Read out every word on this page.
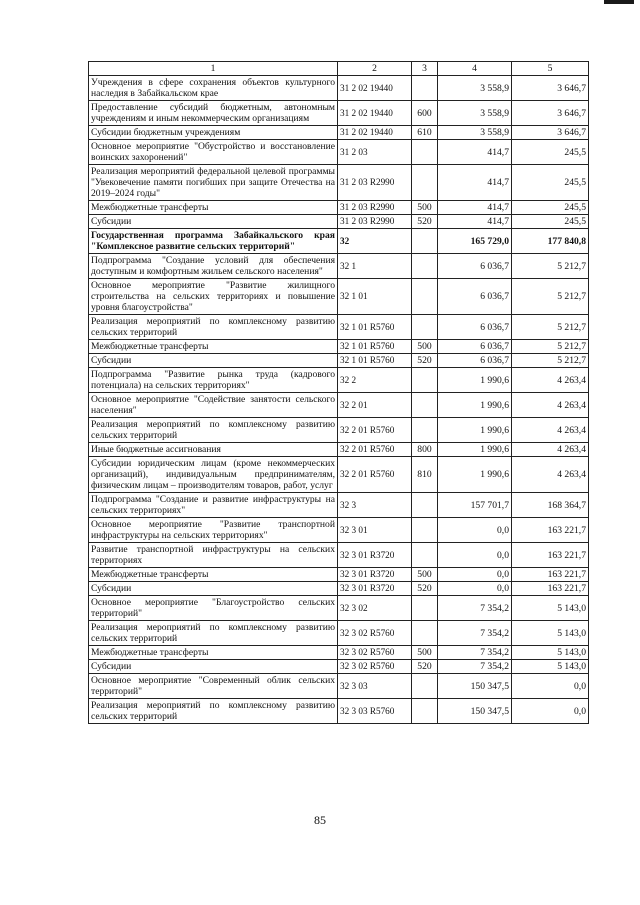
1	2	3	4	5
Учреждения в сфере сохранения объектов культурного наследия в Забайкальском крае	31 2 02 19440		3 558,9	3 646,7
Предоставление субсидий бюджетным, автономным учреждениям и иным некоммерческим организациям	31 2 02 19440	600	3 558,9	3 646,7
Субсидии бюджетным учреждениям	31 2 02 19440	610	3 558,9	3 646,7
Основное мероприятие "Обустройство и восстановление воинских захоронений"	31 2 03		414,7	245,5
Реализация мероприятий федеральной целевой программы "Увековечение памяти погибших при защите Отечества на 2019–2024 годы"	31 2 03 R2990		414,7	245,5
Межбюджетные трансферты	31 2 03 R2990	500	414,7	245,5
Субсидии	31 2 03 R2990	520	414,7	245,5
Государственная программа Забайкальского края "Комплексное развитие сельских территорий"	32		165 729,0	177 840,8
Подпрограмма "Создание условий для обеспечения доступным и комфортным жильем сельского населения"	32 1		6 036,7	5 212,7
Основное мероприятие "Развитие жилищного строительства на сельских территориях и повышение уровня благоустройства"	32 1 01		6 036,7	5 212,7
Реализация мероприятий по комплексному развитию сельских территорий	32 1 01 R5760		6 036,7	5 212,7
Межбюджетные трансферты	32 1 01 R5760	500	6 036,7	5 212,7
Субсидии	32 1 01 R5760	520	6 036,7	5 212,7
Подпрограмма "Развитие рынка труда (кадрового потенциала) на сельских территориях"	32 2		1 990,6	4 263,4
Основное мероприятие "Содействие занятости сельского населения"	32 2 01		1 990,6	4 263,4
Реализация мероприятий по комплексному развитию сельских территорий	32 2 01 R5760		1 990,6	4 263,4
Иные бюджетные ассигнования	32 2 01 R5760	800	1 990,6	4 263,4
Субсидии юридическим лицам (кроме некоммерческих организаций), индивидуальным предпринимателям, физическим лицам – производителям товаров, работ, услуг	32 2 01 R5760	810	1 990,6	4 263,4
Подпрограмма "Создание и развитие инфраструктуры на сельских территориях"	32 3		157 701,7	168 364,7
Основное мероприятие "Развитие транспортной инфраструктуры на сельских территориях"	32 3 01		0,0	163 221,7
Развитие транспортной инфраструктуры на сельских территориях	32 3 01 R3720		0,0	163 221,7
Межбюджетные трансферты	32 3 01 R3720	500	0,0	163 221,7
Субсидии	32 3 01 R3720	520	0,0	163 221,7
Основное мероприятие "Благоустройство сельских территорий"	32 3 02		7 354,2	5 143,0
Реализация мероприятий по комплексному развитию сельских территорий	32 3 02 R5760		7 354,2	5 143,0
Межбюджетные трансферты	32 3 02 R5760	500	7 354,2	5 143,0
Субсидии	32 3 02 R5760	520	7 354,2	5 143,0
Основное мероприятие "Современный облик сельских территорий"	32 3 03		150 347,5	0,0
Реализация мероприятий по комплексному развитию сельских территорий	32 3 03 R5760		150 347,5	0,0
85
